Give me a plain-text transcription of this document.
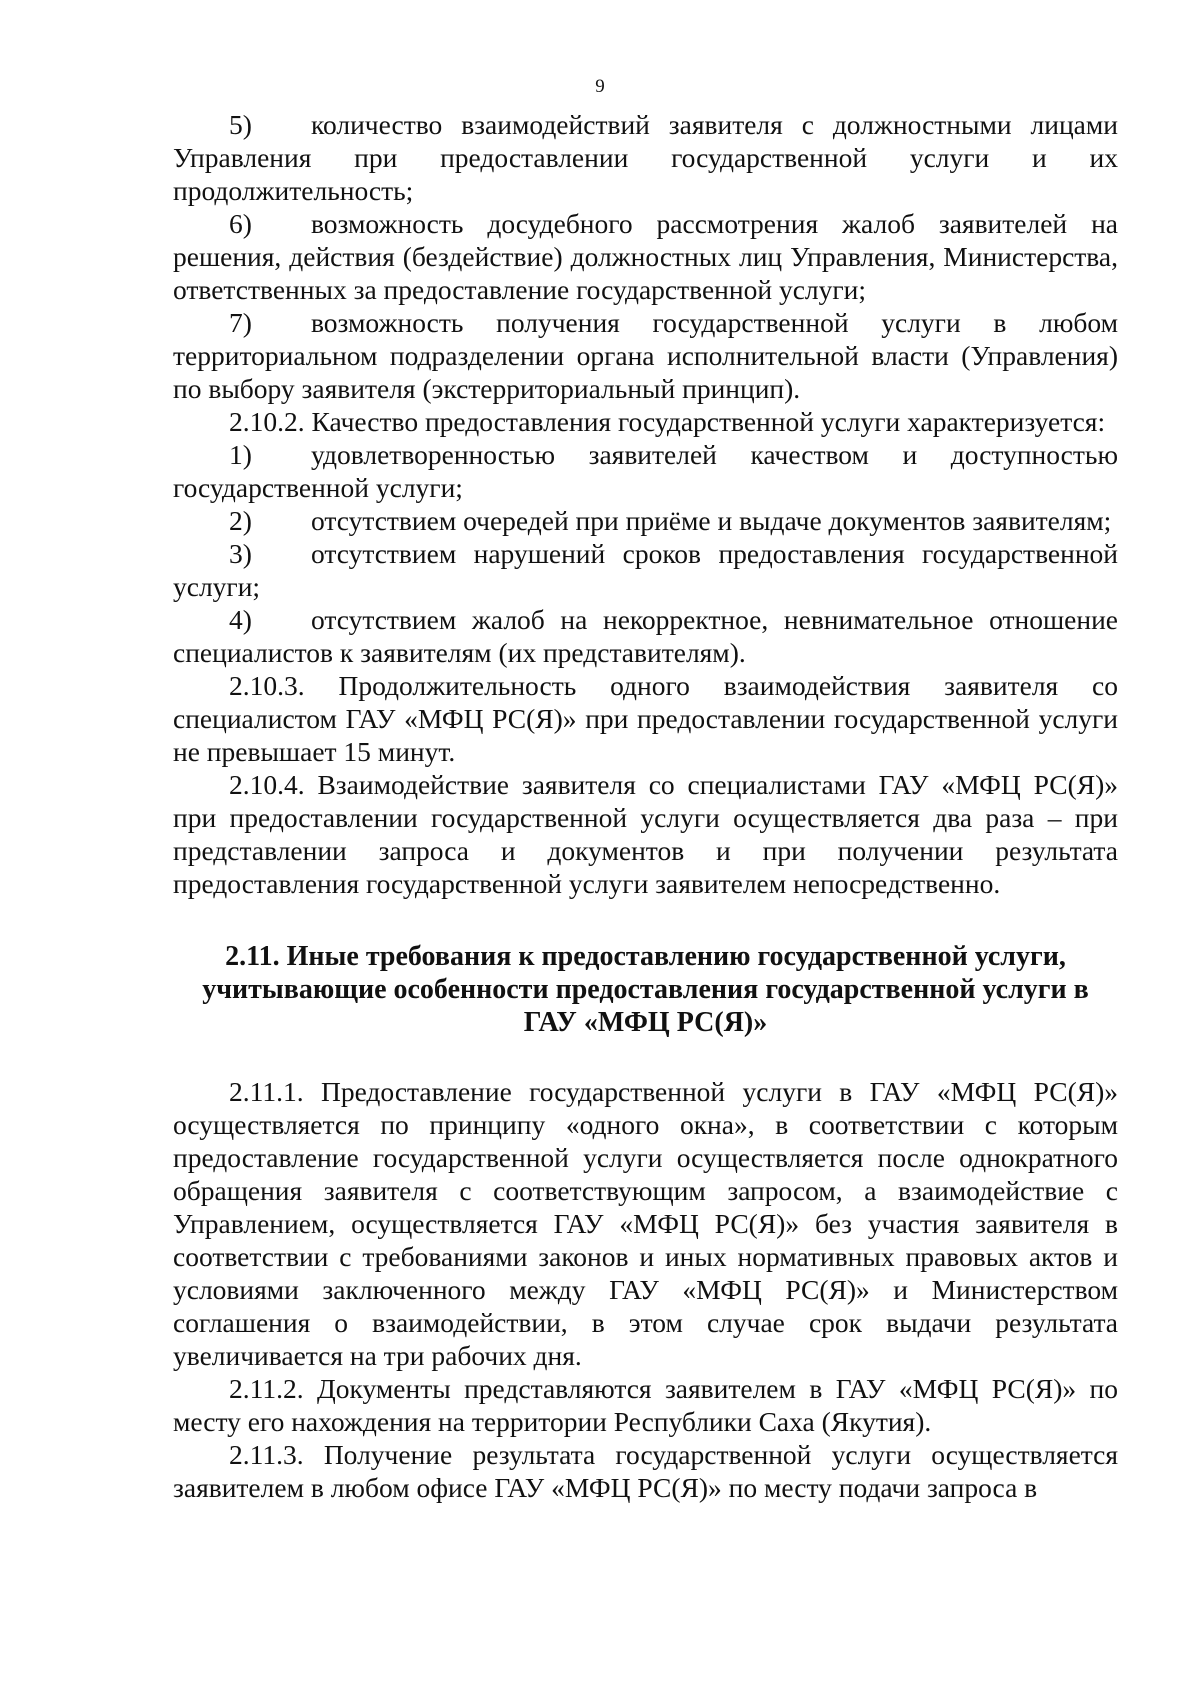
9

5) количество взаимодействий заявителя с должностными лицами Управления при предоставлении государственной услуги и их продолжительность;

6) возможность досудебного рассмотрения жалоб заявителей на решения, действия (бездействие) должностных лиц Управления, Министерства, ответственных за предоставление государственной услуги;

7) возможность получения государственной услуги в любом территориальном подразделении органа исполнительной власти (Управления) по выбору заявителя (экстерриториальный принцип).

2.10.2. Качество предоставления государственной услуги характеризуется:

1) удовлетворенностью заявителей качеством и доступностью государственной услуги;

2) отсутствием очередей при приёме и выдаче документов заявителям;

3) отсутствием нарушений сроков предоставления государственной услуги;

4) отсутствием жалоб на некорректное, невнимательное отношение специалистов к заявителям (их представителям).

2.10.3. Продолжительность одного взаимодействия заявителя со специалистом ГАУ «МФЦ РС(Я)» при предоставлении государственной услуги не превышает 15 минут.

2.10.4. Взаимодействие заявителя со специалистами ГАУ «МФЦ РС(Я)» при предоставлении государственной услуги осуществляется два раза – при представлении запроса и документов и при получении результата предоставления государственной услуги заявителем непосредственно.

2.11. Иные требования к предоставлению государственной услуги,
учитывающие особенности предоставления государственной услуги в
ГАУ «МФЦ РС(Я)»

2.11.1. Предоставление государственной услуги в ГАУ «МФЦ РС(Я)» осуществляется по принципу «одного окна», в соответствии с которым предоставление государственной услуги осуществляется после однократного обращения заявителя с соответствующим запросом, а взаимодействие с Управлением, осуществляется ГАУ «МФЦ РС(Я)» без участия заявителя в соответствии с требованиями законов и иных нормативных правовых актов и условиями заключенного между ГАУ «МФЦ РС(Я)» и Министерством соглашения о взаимодействии, в этом случае срок выдачи результата увеличивается на три рабочих дня.

2.11.2. Документы представляются заявителем в ГАУ «МФЦ РС(Я)» по месту его нахождения на территории Республики Саха (Якутия).

2.11.3. Получение результата государственной услуги осуществляется заявителем в любом офисе ГАУ «МФЦ РС(Я)» по месту подачи запроса в
